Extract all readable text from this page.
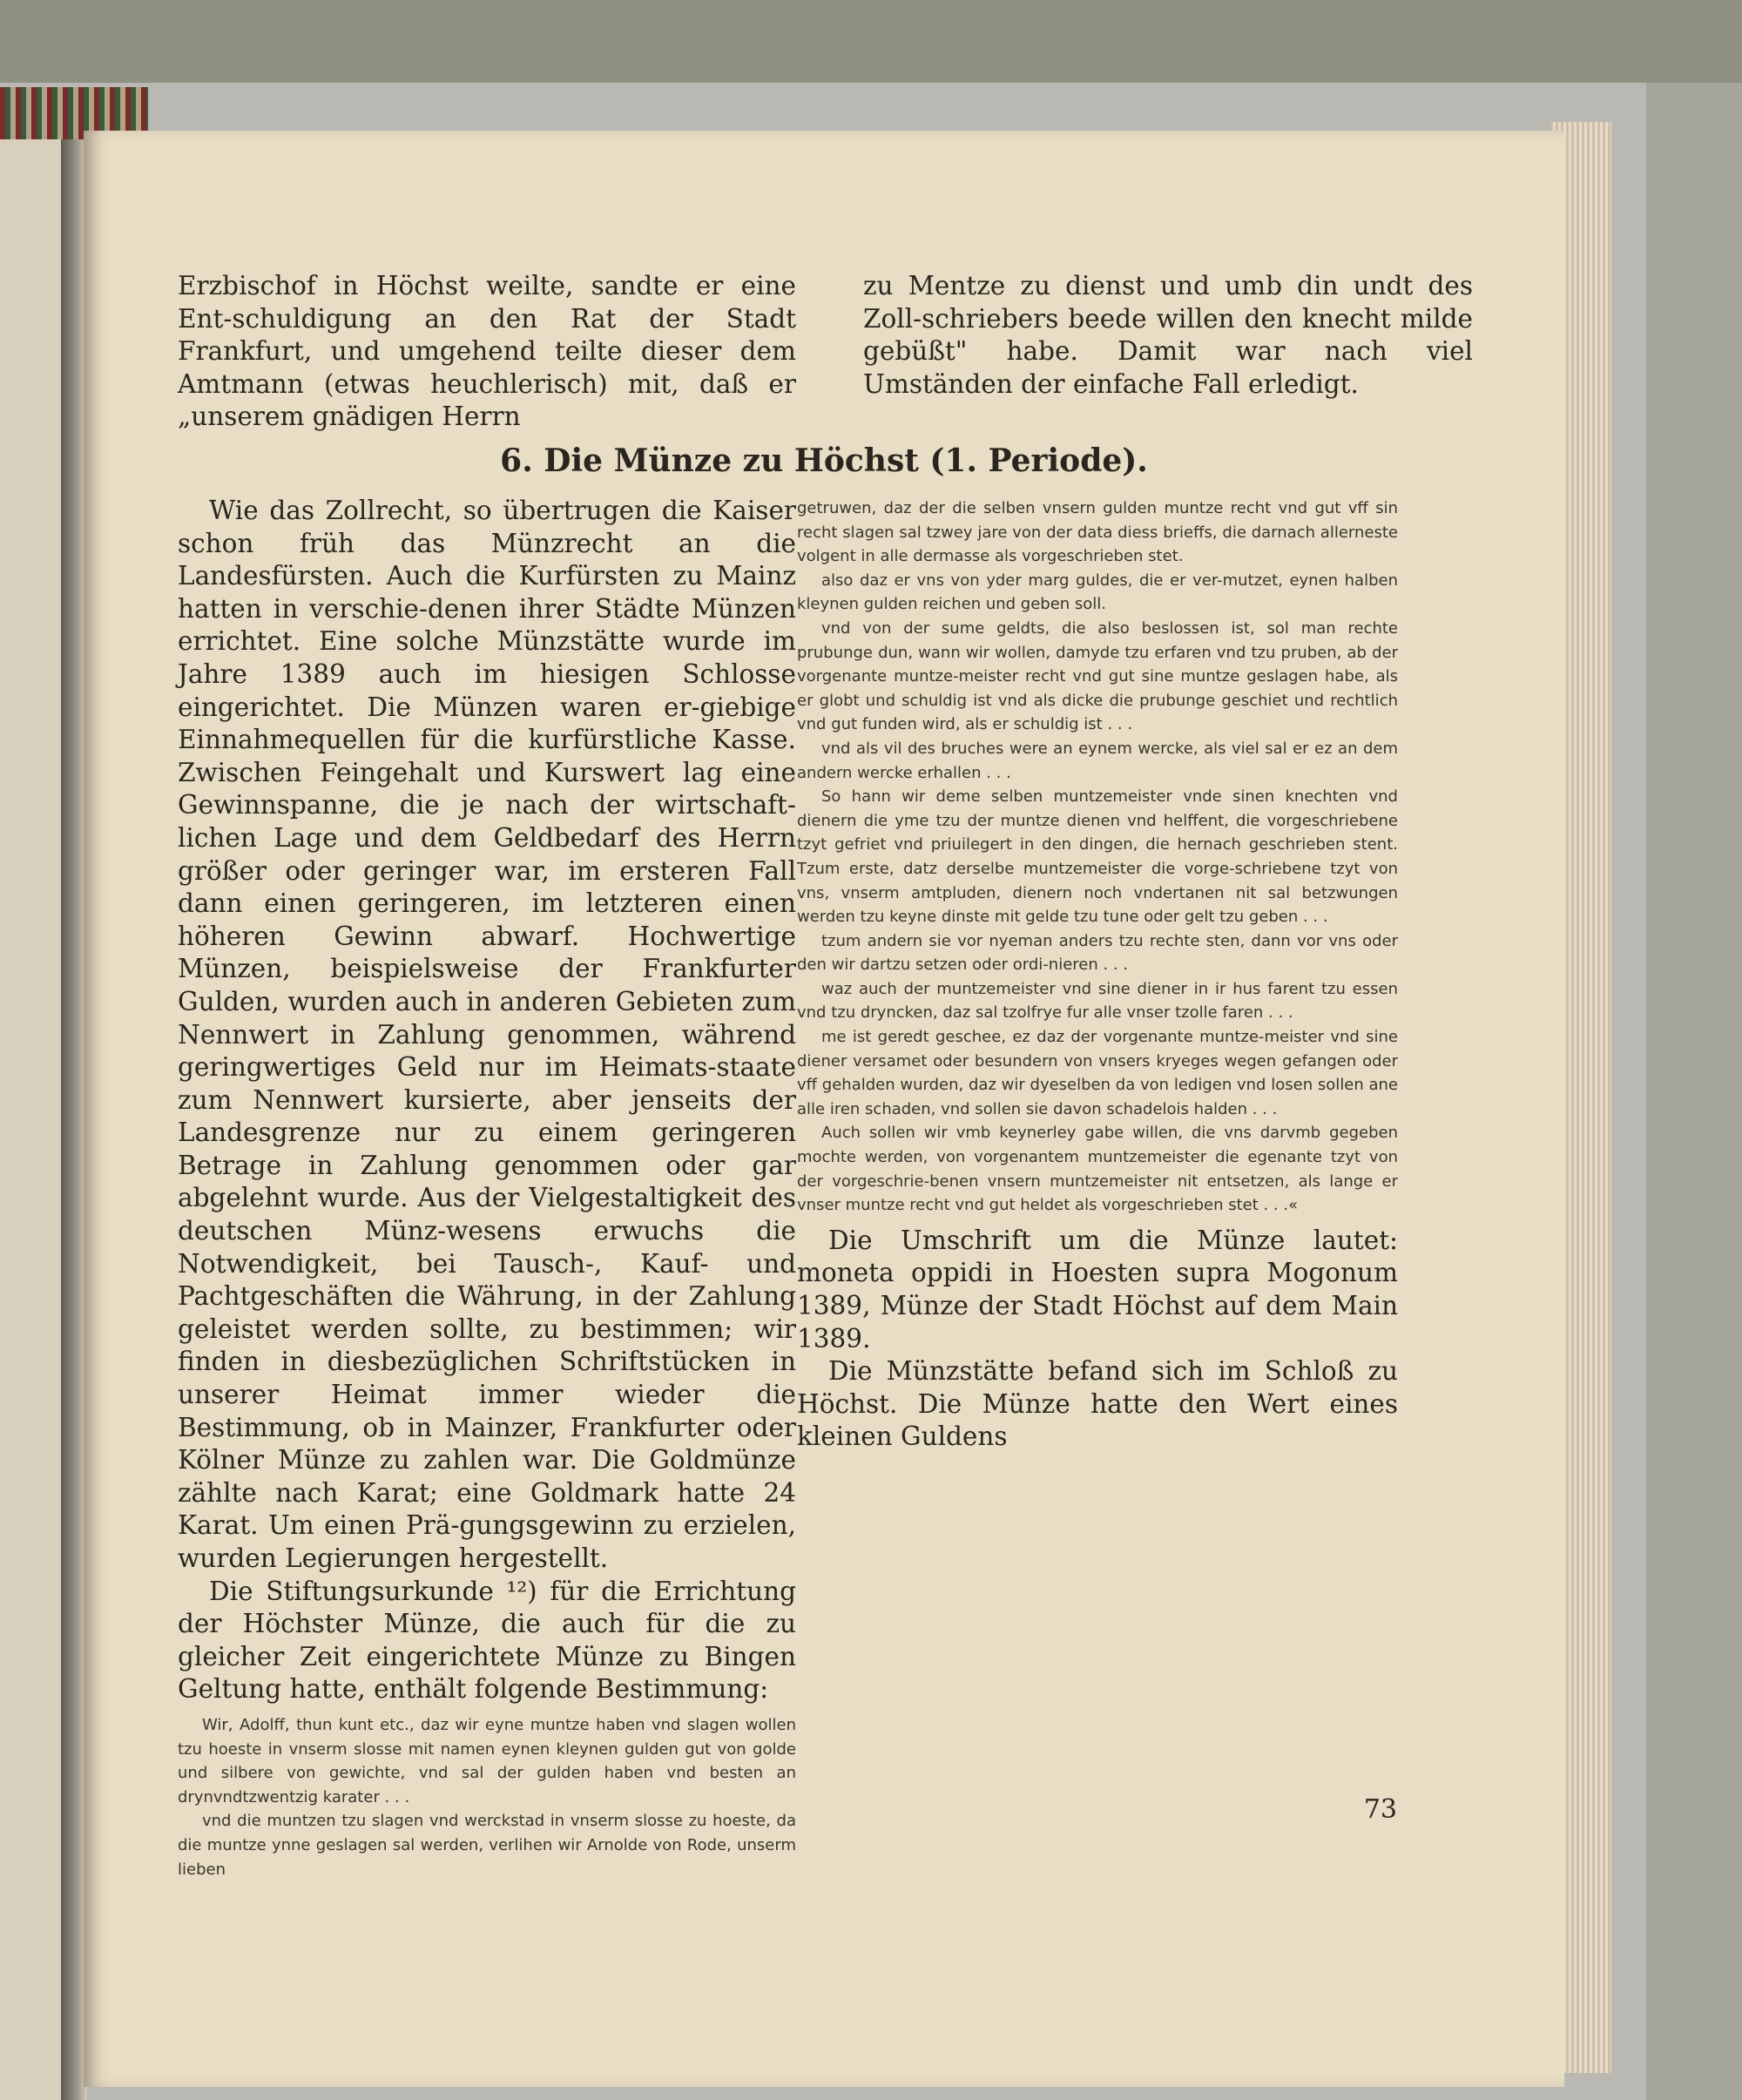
Erzbischof in Höchst weilte, sandte er eine Ent-schuldigung an den Rat der Stadt Frankfurt, und umgehend teilte dieser dem Amtmann (etwas heuchlerisch) mit, daß er „unserem gnädigen Herrn

zu Mentze zu dienst und umb din undt des Zoll-schriebers beede willen den knecht milde gebüßt" habe. Damit war nach viel Umständen der einfache Fall erledigt.

6. Die Münze zu Höchst (1. Periode).

Wie das Zollrecht, so übertrugen die Kaiser schon früh das Münzrecht an die Landesfürsten. Auch die Kurfürsten zu Mainz hatten in verschie-denen ihrer Städte Münzen errichtet. Eine solche Münzstätte wurde im Jahre 1389 auch im hiesigen Schlosse eingerichtet. Die Münzen waren er-giebige Einnahmequellen für die kurfürstliche Kasse. Zwischen Feingehalt und Kurswert lag eine Gewinnspanne, die je nach der wirtschaft-lichen Lage und dem Geldbedarf des Herrn größer oder geringer war, im ersteren Fall dann einen geringeren, im letzteren einen höheren Gewinn abwarf. Hochwertige Münzen, beispielsweise der Frankfurter Gulden, wurden auch in anderen Gebieten zum Nennwert in Zahlung genommen, während geringwertiges Geld nur im Heimats-staate zum Nennwert kursierte, aber jenseits der Landesgrenze nur zu einem geringeren Betrage in Zahlung genommen oder gar abgelehnt wurde. Aus der Vielgestaltigkeit des deutschen Münz-wesens erwuchs die Notwendigkeit, bei Tausch-, Kauf- und Pachtgeschäften die Währung, in der Zahlung geleistet werden sollte, zu bestimmen; wir finden in diesbezüglichen Schriftstücken in unserer Heimat immer wieder die Bestimmung, ob in Mainzer, Frankfurter oder Kölner Münze zu zahlen war. Die Goldmünze zählte nach Karat; eine Goldmark hatte 24 Karat. Um einen Prä-gungsgewinn zu erzielen, wurden Legierungen hergestellt.

Die Stiftungsurkunde ¹²) für die Errichtung der Höchster Münze, die auch für die zu gleicher Zeit eingerichtete Münze zu Bingen Geltung hatte, enthält folgende Bestimmung:

Wir, Adolff, thun kunt etc., daz wir eyne muntze haben vnd slagen wollen tzu hoeste in vnserm slosse mit namen eynen kleynen gulden gut von golde und silbere von gewichte, vnd sal der gulden haben vnd besten an drynvndtzwentzig karater . . .

vnd die muntzen tzu slagen vnd werckstad in vnserm slosse zu hoeste, da die muntze ynne geslagen sal werden, verlihen wir Arnolde von Rode, unserm lieben

getruwen, daz der die selben vnsern gulden muntze recht vnd gut vff sin recht slagen sal tzwey jare von der data diess brieffs, die darnach allerneste volgent in alle dermasse als vorgeschrieben stet.

also daz er vns von yder marg guldes, die er ver-mutzet, eynen halben kleynen gulden reichen und geben soll.

vnd von der sume geldts, die also beslossen ist, sol man rechte prubunge dun, wann wir wollen, damyde tzu erfaren vnd tzu pruben, ab der vorgenante muntze-meister recht vnd gut sine muntze geslagen habe, als er globt und schuldig ist vnd als dicke die prubunge geschiet und rechtlich vnd gut funden wird, als er schuldig ist . . .

vnd als vil des bruches were an eynem wercke, als viel sal er ez an dem andern wercke erhallen . . .

So hann wir deme selben muntzemeister vnde sinen knechten vnd dienern die yme tzu der muntze dienen vnd helffent, die vorgeschriebene tzyt gefriet vnd priuilegert in den dingen, die hernach geschrieben stent. Tzum erste, datz derselbe muntzemeister die vorge-schriebene tzyt von vns, vnserm amtpluden, dienern noch vndertanen nit sal betzwungen werden tzu keyne dinste mit gelde tzu tune oder gelt tzu geben . . .

tzum andern sie vor nyeman anders tzu rechte sten, dann vor vns oder den wir dartzu setzen oder ordi-nieren . . .

waz auch der muntzemeister vnd sine diener in ir hus farent tzu essen vnd tzu dryncken, daz sal tzolfrye fur alle vnser tzolle faren . . .

me ist geredt geschee, ez daz der vorgenante muntze-meister vnd sine diener versamet oder besundern von vnsers kryeges wegen gefangen oder vff gehalden wurden, daz wir dyeselben da von ledigen vnd losen sollen ane alle iren schaden, vnd sollen sie davon schadelois halden . . .

Auch sollen wir vmb keynerley gabe willen, die vns darvmb gegeben mochte werden, von vorgenantem muntzemeister die egenante tzyt von der vorgeschrie-benen vnsern muntzemeister nit entsetzen, als lange er vnser muntze recht vnd gut heldet als vorgeschrieben stet . . .«

Die Umschrift um die Münze lautet: moneta oppidi in Hoesten supra Mogonum 1389, Münze der Stadt Höchst auf dem Main 1389.

Die Münzstätte befand sich im Schloß zu Höchst. Die Münze hatte den Wert eines kleinen Guldens

73
